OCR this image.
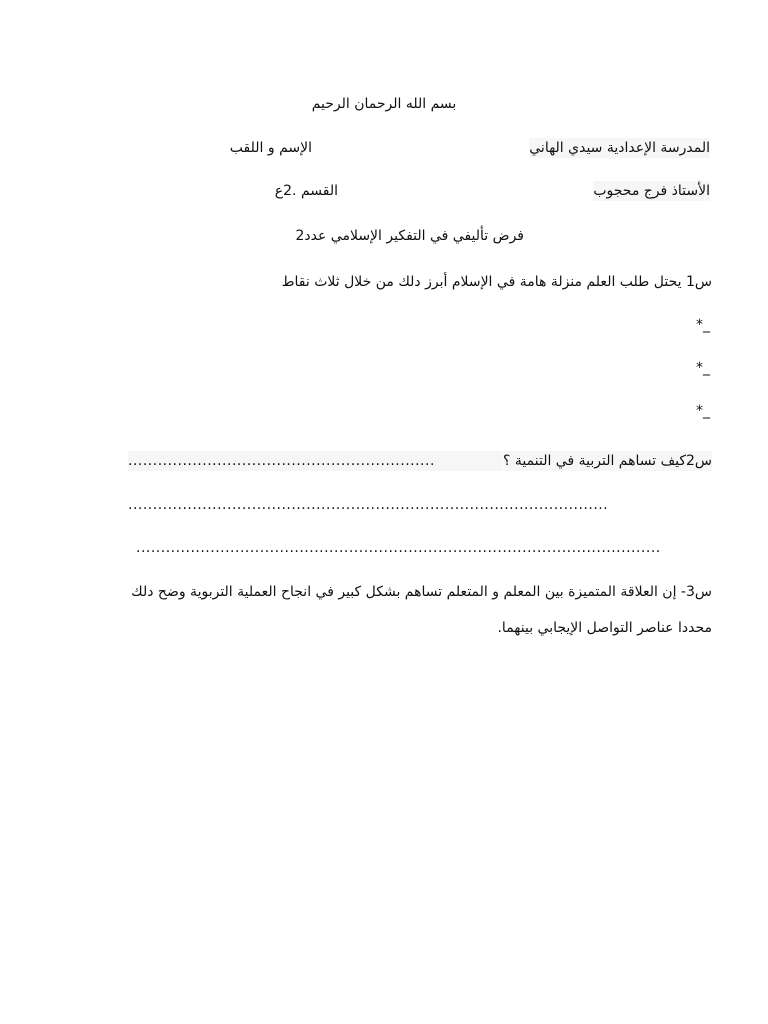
بسم الله الرحمان الرحيم
المدرسة الإعدادية سيدي الهاني
الإسم و اللقب
الأستاذ فرج محجوب
القسم .2ع
فرض تأليفي في التفكير الإسلامي عدد2
س1 يحتل طلب العلم منزلة هامة في الإسلام أبرز دلك من خلال ثلاث نقاط
*_
*_
*_
س2كيف تساهم التربية في التنمية ؟
..............................................................
.................................................................................................
..........................................................................................................
س3- إن العلاقة المتميزة بين المعلم و المتعلم تساهم بشكل كبير في انجاح العملية التربوية وضح دلك
محددا عناصر التواصل الإيجابي بينهما.
